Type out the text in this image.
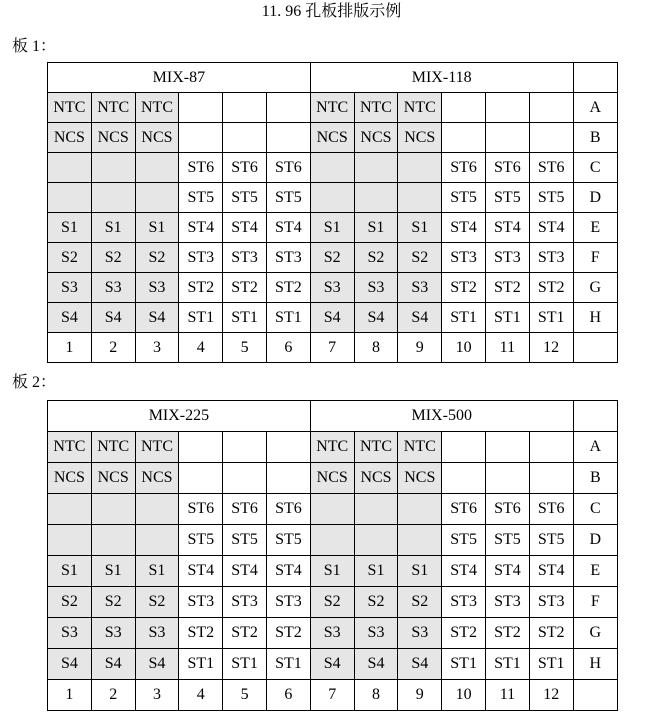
11. 96 孔板排版示例
板 1：
MIX-87						MIX-118						
NTC	NTC	NTC				NTC	NTC	NTC				A
NCS	NCS	NCS				NCS	NCS	NCS				B
			ST6	ST6	ST6				ST6	ST6	ST6	C
			ST5	ST5	ST5				ST5	ST5	ST5	D
S1	S1	S1	ST4	ST4	ST4	S1	S1	S1	ST4	ST4	ST4	E
S2	S2	S2	ST3	ST3	ST3	S2	S2	S2	ST3	ST3	ST3	F
S3	S3	S3	ST2	ST2	ST2	S3	S3	S3	ST2	ST2	ST2	G
S4	S4	S4	ST1	ST1	ST1	S4	S4	S4	ST1	ST1	ST1	H
1	2	3	4	5	6	7	8	9	10	11	12	
板 2：
MIX-225						MIX-500						
NTC	NTC	NTC				NTC	NTC	NTC				A
NCS	NCS	NCS				NCS	NCS	NCS				B
			ST6	ST6	ST6				ST6	ST6	ST6	C
			ST5	ST5	ST5				ST5	ST5	ST5	D
S1	S1	S1	ST4	ST4	ST4	S1	S1	S1	ST4	ST4	ST4	E
S2	S2	S2	ST3	ST3	ST3	S2	S2	S2	ST3	ST3	ST3	F
S3	S3	S3	ST2	ST2	ST2	S3	S3	S3	ST2	ST2	ST2	G
S4	S4	S4	ST1	ST1	ST1	S4	S4	S4	ST1	ST1	ST1	H
1	2	3	4	5	6	7	8	9	10	11	12	
